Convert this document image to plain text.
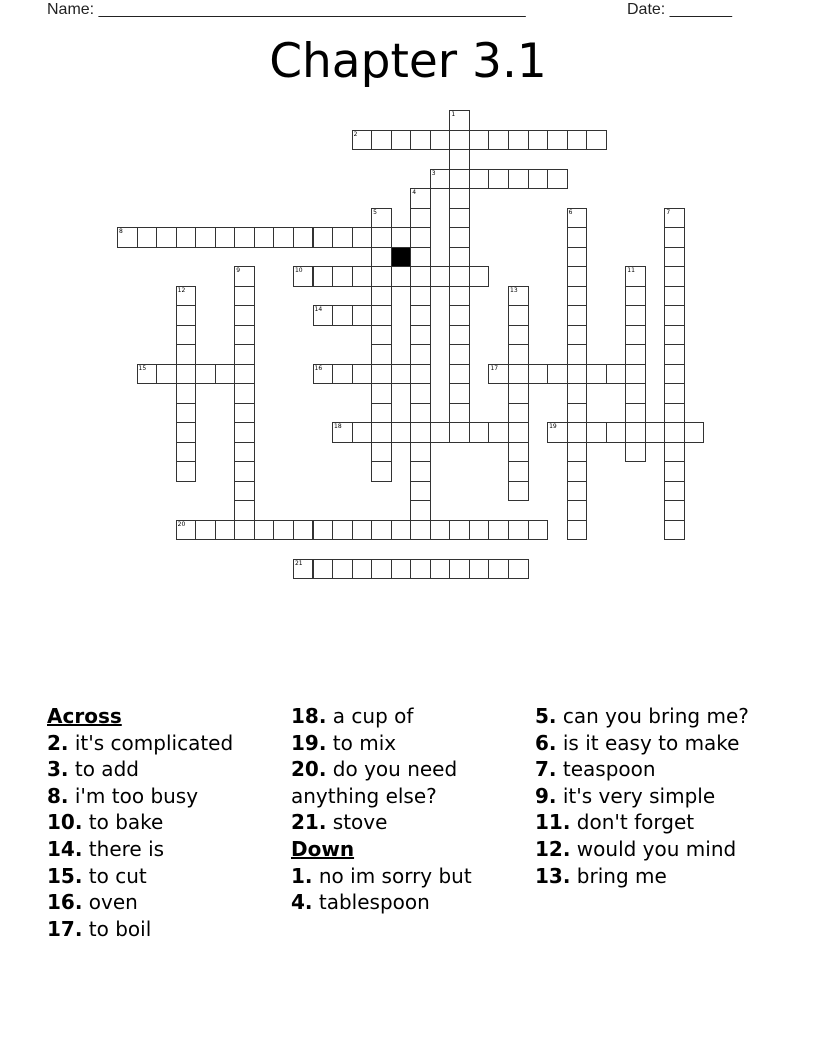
Name: ________________________________________________	Date: _______
Chapter 3.1
2
3
8
10
14
15	16	17
18	19
20
21
1
4
5	6	7
9	11
12	13
Across
2. it's complicated
3. to add
8. i'm too busy
10. to bake
14. there is
15. to cut
16. oven
17. to boil
18. a cup of
19. to mix
20. do you need anything else?
21. stove
Down
1. no im sorry but
4. tablespoon
5. can you bring me?
6. is it easy to make
7. teaspoon
9. it's very simple
11. don't forget
12. would you mind
13. bring me
